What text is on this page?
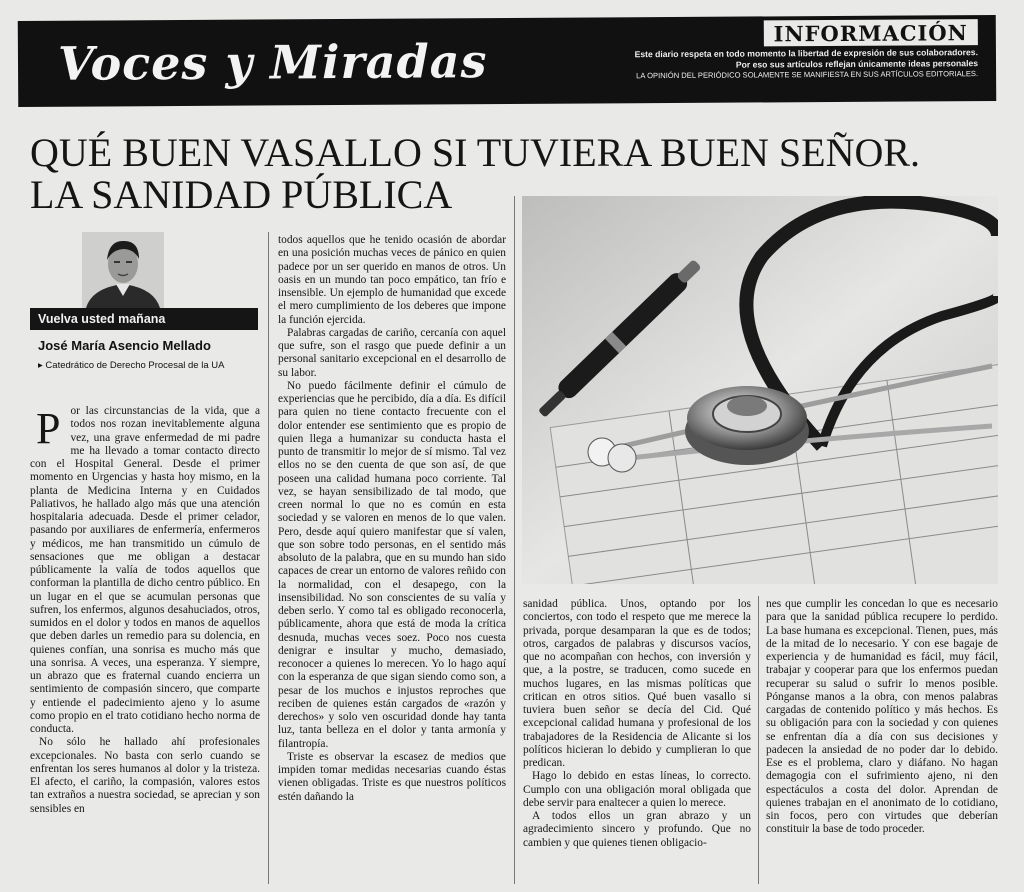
Voces y Miradas
INFORMACIÓN
Este diario respeta en todo momento la libertad de expresión de sus colaboradores. Por eso sus artículos reflejan únicamente ideas personales
LA OPINIÓN DEL PERIÓDICO SOLAMENTE SE MANIFIESTA EN SUS ARTÍCULOS EDITORIALES.
QUÉ BUEN VASALLO SI TUVIERA BUEN SEÑOR.
LA SANIDAD PÚBLICA
Vuelva usted mañana
José María Asencio Mellado
▸ Catedrático de Derecho Procesal de la UA

Por las circunstancias de la vida, que a todos nos rozan inevitablemente alguna vez, una grave enfermedad de mi padre me ha llevado a tomar contacto directo con el Hospital General. Desde el primer momento en Urgencias y hasta hoy mismo, en la planta de Medicina Interna y en Cuidados Paliativos, he hallado algo más que una atención hospitalaria adecuada. Desde el primer celador, pasando por auxiliares de enfermería, enfermeros y médicos, me han transmitido un cúmulo de sensaciones que me obligan a destacar públicamente la valía de todos aquellos que conforman la plantilla de dicho centro público. En un lugar en el que se acumulan personas que sufren, los enfermos, algunos desahuciados, otros, sumidos en el dolor y todos en manos de aquellos que deben darles un remedio para su dolencia, en quienes confían, una sonrisa es mucho más que una sonrisa. A veces, una esperanza. Y siempre, un abrazo que es fraternal cuando encierra un sentimiento de compasión sincero, que comparte y entiende el padecimiento ajeno y lo asume como propio en el trato cotidiano hecho norma de conducta.

No sólo he hallado ahí profesionales excepcionales. No basta con serlo cuando se enfrentan los seres humanos al dolor y la tristeza. El afecto, el cariño, la compasión, valores estos tan extraños a nuestra sociedad, se aprecian y son sensibles en

todos aquellos que he tenido ocasión de abordar en una posición muchas veces de pánico en quien padece por un ser querido en manos de otros. Un oasis en un mundo tan poco empático, tan frío e insensible. Un ejemplo de humanidad que excede el mero cumplimiento de los deberes que impone la función ejercida.

Palabras cargadas de cariño, cercanía con aquel que sufre, son el rasgo que puede definir a un personal sanitario excepcional en el desarrollo de su labor.

No puedo fácilmente definir el cúmulo de experiencias que he percibido, día a día. Es difícil para quien no tiene contacto frecuente con el dolor entender ese sentimiento que es propio de quien llega a humanizar su conducta hasta el punto de transmitir lo mejor de sí mismo. Tal vez ellos no se den cuenta de que son así, de que poseen una calidad humana poco corriente. Tal vez, se hayan sensibilizado de tal modo, que creen normal lo que no es común en esta sociedad y se valoren en menos de lo que valen. Pero, desde aquí quiero manifestar que sí valen, que son sobre todo personas, en el sentido más absoluto de la palabra, que en su mundo han sido capaces de crear un entorno de valores reñido con la normalidad, con el desapego, con la insensibilidad. No son conscientes de su valía y deben serlo. Y como tal es obligado reconocerla, públicamente, ahora que está de moda la crítica desnuda, muchas veces soez. Poco nos cuesta denigrar e insultar y mucho, demasiado, reconocer a quienes lo merecen. Yo lo hago aquí con la esperanza de que sigan siendo como son, a pesar de los muchos e injustos reproches que reciben de quienes están cargados de «razón y derechos» y solo ven oscuridad donde hay tanta luz, tanta belleza en el dolor y tanta armonía y filantropía.

Triste es observar la escasez de medios que impiden tomar medidas necesarias cuando éstas vienen obligadas. Triste es que nuestros políticos estén dañando la

sanidad pública. Unos, optando por los conciertos, con todo el respeto que me merece la privada, porque desamparan la que es de todos; otros, cargados de palabras y discursos vacíos, que no acompañan con hechos, con inversión y que, a la postre, se traducen, como sucede en muchos lugares, en las mismas políticas que critican en otros sitios. Qué buen vasallo si tuviera buen señor se decía del Cid. Qué excepcional calidad humana y profesional de los trabajadores de la Residencia de Alicante si los políticos hicieran lo debido y cumplieran lo que predican.

Hago lo debido en estas líneas, lo correcto. Cumplo con una obligación moral obligada que debe servir para enaltecer a quien lo merece.

A todos ellos un gran abrazo y un agradecimiento sincero y profundo. Que no cambien y que quienes tienen obligacio-

nes que cumplir les concedan lo que es necesario para que la sanidad pública recupere lo perdido. La base humana es excepcional. Tienen, pues, más de la mitad de lo necesario. Y con ese bagaje de experiencia y de humanidad es fácil, muy fácil, trabajar y cooperar para que los enfermos puedan recuperar su salud o sufrir lo menos posible. Pónganse manos a la obra, con menos palabras cargadas de contenido político y más hechos. Es su obligación para con la sociedad y con quienes se enfrentan día a día con sus decisiones y padecen la ansiedad de no poder dar lo debido. Ese es el problema, claro y diáfano. No hagan demagogia con el sufrimiento ajeno, ni den espectáculos a costa del dolor. Aprendan de quienes trabajan en el anonimato de lo cotidiano, sin focos, pero con virtudes que deberían constituir la base de todo proceder.
